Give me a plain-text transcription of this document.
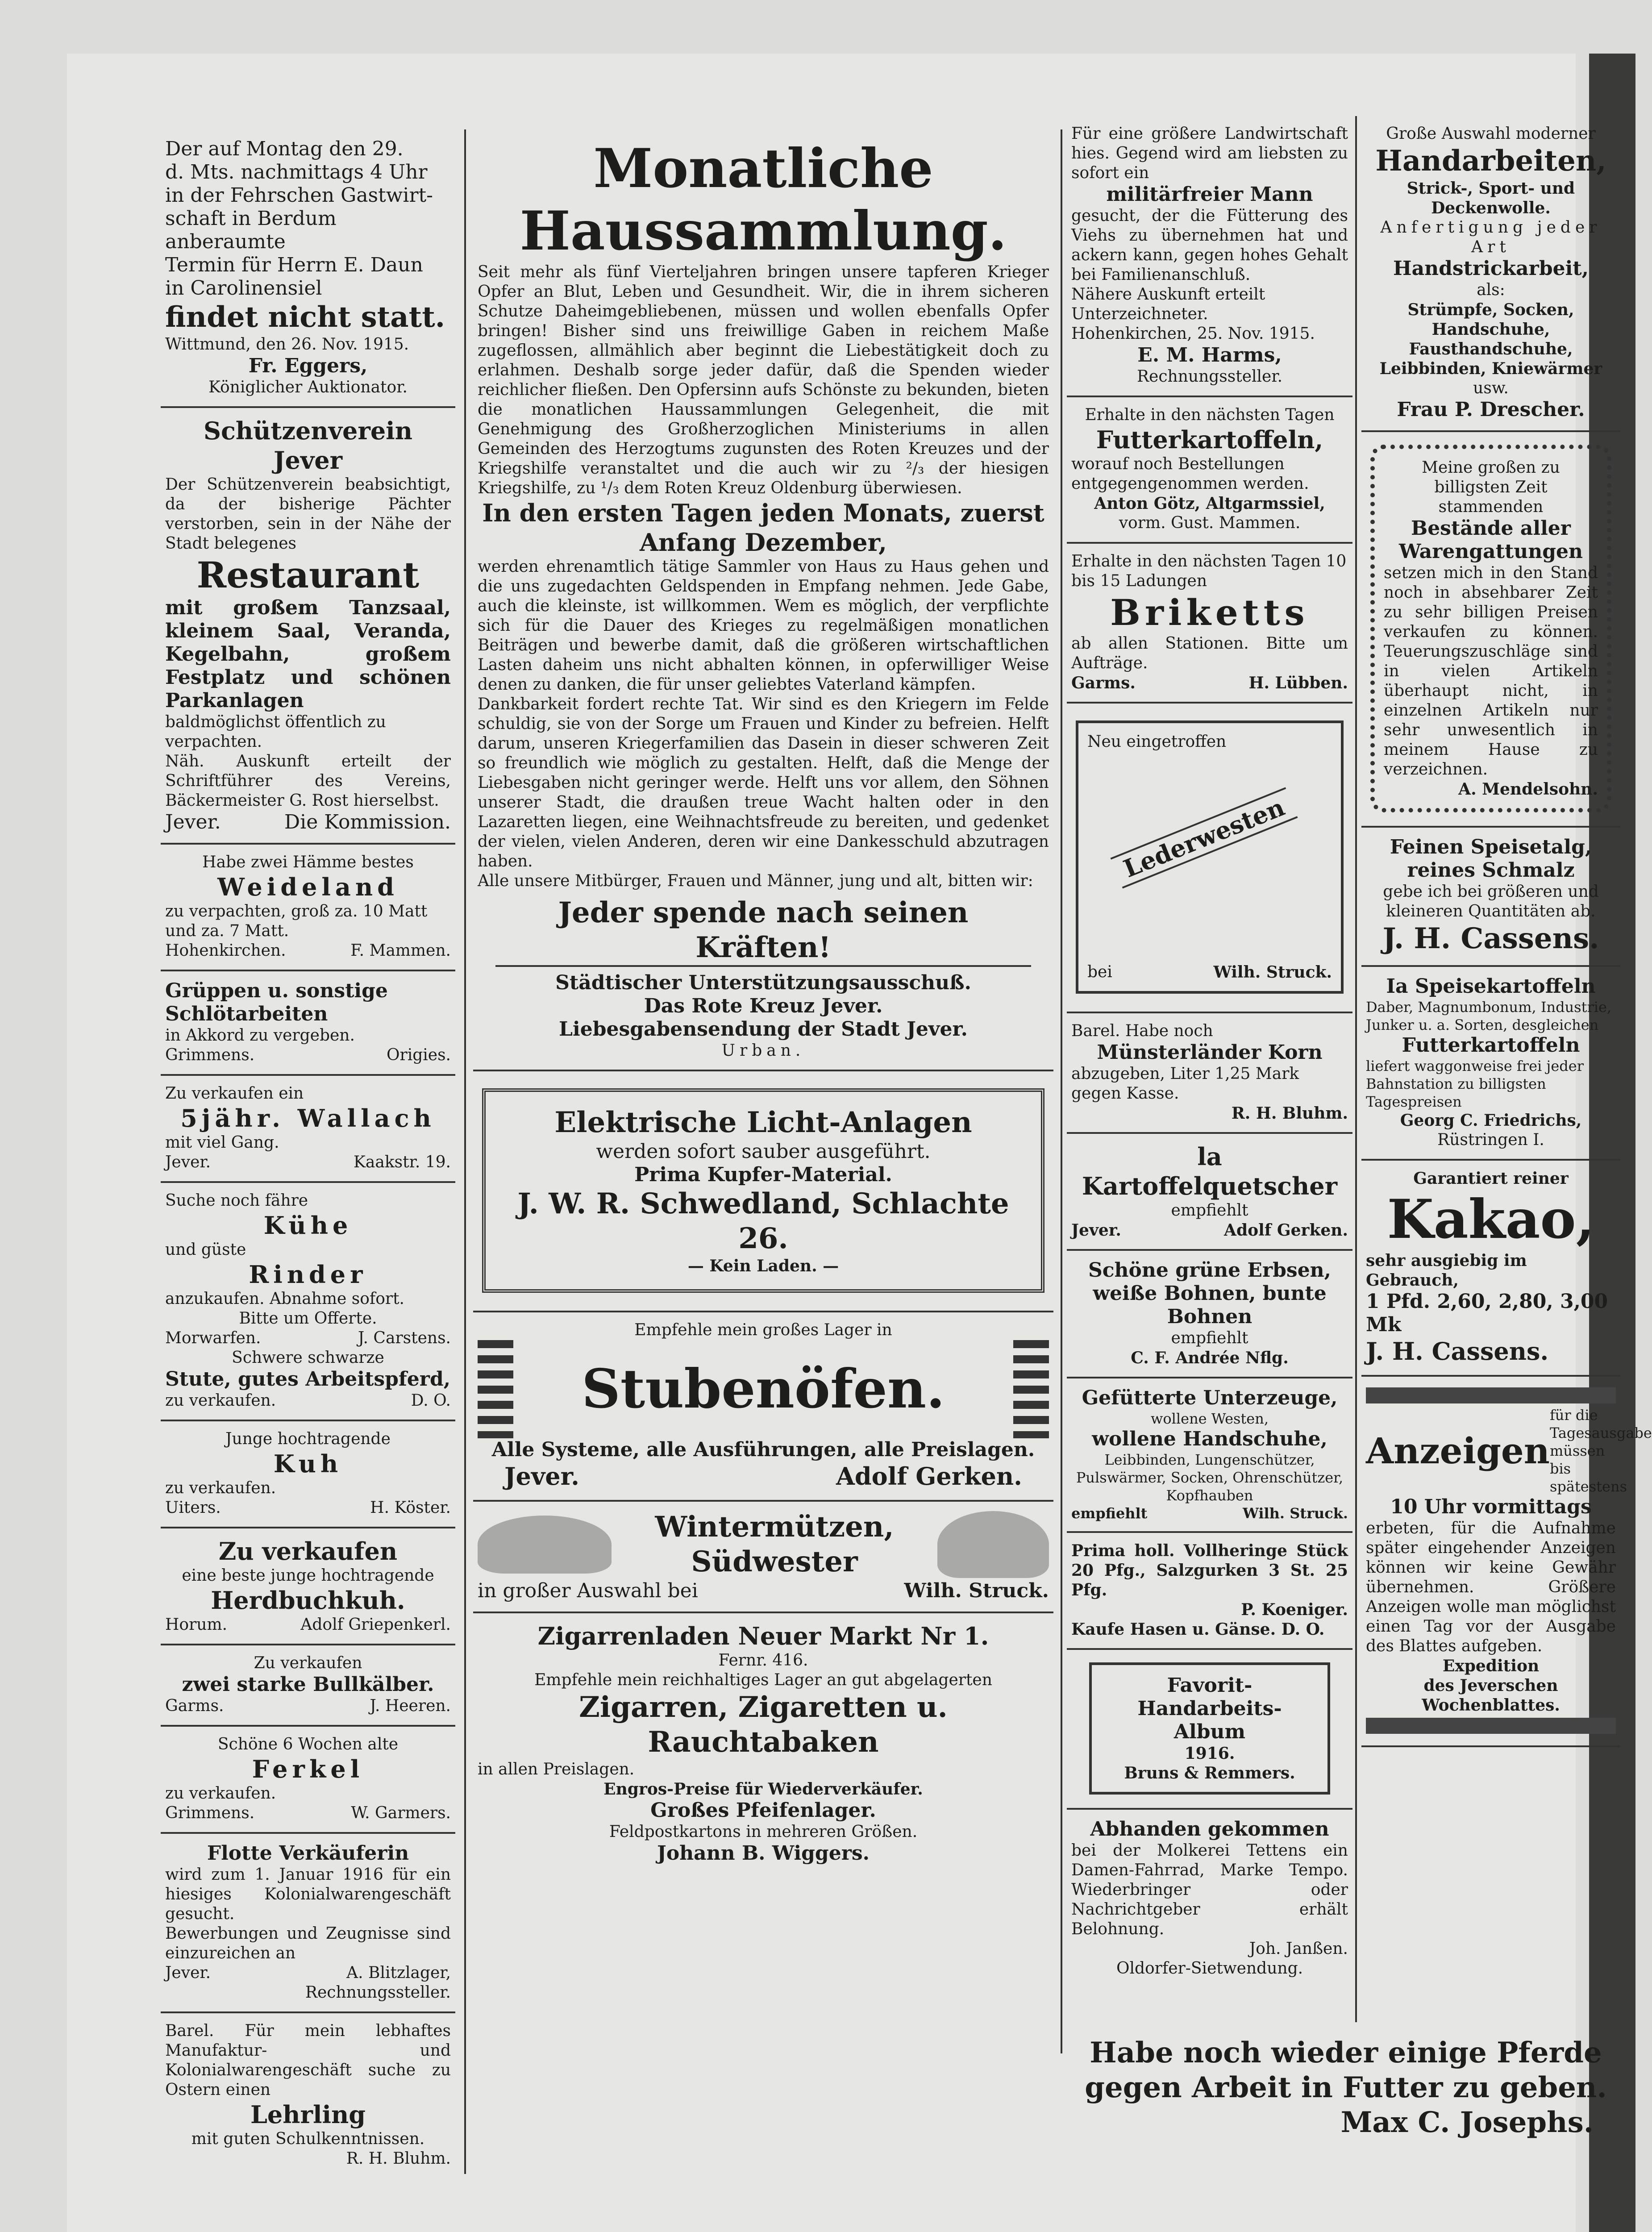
Der auf Montag den 29.
d. Mts. nachmittags 4 Uhr
in der Fehrschen Gastwirt-
schaft in Berdum anberaumte
Termin für Herrn E. Daun
in Carolinensiel
findet nicht statt.
Wittmund, den 26. Nov. 1915.
Fr. Eggers,
Königlicher Auktionator.
Schützenverein Jever
Der Schützenverein beabsichtigt, da der bisherige Pächter verstorben, sein in der Nähe der Stadt belegenes
Restaurant
mit großem Tanzsaal, kleinem Saal, Veranda, Kegelbahn, großem Festplatz und schönen Parkanlagen
baldmöglichst öffentlich zu verpachten.
Näh. Auskunft erteilt der Schriftführer des Vereins, Bäckermeister G. Rost hierselbst.
Jever.	Die Kommission.
Habe zwei Hämme bestes
Weideland
zu verpachten, groß za. 10 Matt und za. 7 Matt.
Hohenkirchen.	F. Mammen.
Grüppen u. sonstige Schlötarbeiten
in Akkord zu vergeben.
Grimmens.	Origies.
Zu verkaufen ein
5jähr. Wallach
mit viel Gang.
Jever.	Kaakstr. 19.
Suche noch fähre
Kühe
und güste
Rinder
anzukaufen. Abnahme sofort.
Bitte um Offerte.
Morwarfen.	J. Carstens.
Schwere schwarze
Stute, gutes Arbeitspferd,
zu verkaufen.	D. O.
Junge hochtragende
Kuh
zu verkaufen.
Uiters.	H. Köster.
Zu verkaufen
eine beste junge hochtragende
Herdbuchkuh.
Horum.	Adolf Griepenkerl.
Zu verkaufen
zwei starke Bullkälber.
Garms.	J. Heeren.
Schöne 6 Wochen alte
Ferkel
zu verkaufen.
Grimmens.	W. Garmers.
Flotte Verkäuferin
wird zum 1. Januar 1916 für ein hiesiges Kolonialwarengeschäft gesucht.
Bewerbungen und Zeugnisse sind einzureichen an
Jever.	A. Blitzlager,
Rechnungssteller.
Barel. Für mein lebhaftes Manufaktur- und Kolonialwarengeschäft suche zu Ostern einen
Lehrling
mit guten Schulkenntnissen.
R. H. Bluhm.
Monatliche Haussammlung.
Seit mehr als fünf Vierteljahren bringen unsere tapferen Krieger Opfer an Blut, Leben und Gesundheit. Wir, die in ihrem sicheren Schutze Daheimgebliebenen, müssen und wollen ebenfalls Opfer bringen! Bisher sind uns freiwillige Gaben in reichem Maße zugeflossen, allmählich aber beginnt die Liebestätigkeit doch zu erlahmen. Deshalb sorge jeder dafür, daß die Spenden wieder reichlicher fließen. Den Opfersinn aufs Schönste zu bekunden, bieten die monatlichen Haussammlungen Gelegenheit, die mit Genehmigung des Großherzoglichen Ministeriums in allen Gemeinden des Herzogtums zugunsten des Roten Kreuzes und der Kriegshilfe veranstaltet und die auch wir zu ²/₃ der hiesigen Kriegshilfe, zu ¹/₃ dem Roten Kreuz Oldenburg überwiesen.
In den ersten Tagen jeden Monats, zuerst Anfang Dezember,
werden ehrenamtlich tätige Sammler von Haus zu Haus gehen und die uns zugedachten Geldspenden in Empfang nehmen. Jede Gabe, auch die kleinste, ist willkommen. Wem es möglich, der verpflichte sich für die Dauer des Krieges zu regelmäßigen monatlichen Beiträgen und bewerbe damit, daß die größeren wirtschaftlichen Lasten daheim uns nicht abhalten können, in opferwilliger Weise denen zu danken, die für unser geliebtes Vaterland kämpfen.
Dankbarkeit fordert rechte Tat. Wir sind es den Kriegern im Felde schuldig, sie von der Sorge um Frauen und Kinder zu befreien. Helft darum, unseren Kriegerfamilien das Dasein in dieser schweren Zeit so freundlich wie möglich zu gestalten. Helft, daß die Menge der Liebesgaben nicht geringer werde. Helft uns vor allem, den Söhnen unserer Stadt, die draußen treue Wacht halten oder in den Lazaretten liegen, eine Weihnachtsfreude zu bereiten, und gedenket der vielen, vielen Anderen, deren wir eine Dankesschuld abzutragen haben.
Alle unsere Mitbürger, Frauen und Männer, jung und alt, bitten wir:
Jeder spende nach seinen Kräften!
Städtischer Unterstützungsausschuß.
Das Rote Kreuz Jever.
Liebesgabensendung der Stadt Jever.
Urban.
Elektrische Licht-Anlagen
werden sofort sauber ausgeführt.
Prima Kupfer-Material.
J. W. R. Schwedland, Schlachte 26.
— Kein Laden. —
Empfehle mein großes Lager in
Stubenöfen.
Alle Systeme, alle Ausführungen, alle Preislagen.
Jever.	Adolf Gerken.
Wintermützen,
Südwester
in großer Auswahl bei	Wilh. Struck.
Zigarrenladen Neuer Markt Nr 1.
Fernr. 416.
Empfehle mein reichhaltiges Lager an gut abgelagerten
Zigarren, Zigaretten u. Rauchtabaken
in allen Preislagen.
Engros-Preise für Wiederverkäufer.
Großes Pfeifenlager.
Feldpostkartons in mehreren Größen.
Johann B. Wiggers.
Für eine größere Landwirtschaft hies. Gegend wird am liebsten zu sofort ein
militärfreier Mann
gesucht, der die Fütterung des Viehs zu übernehmen hat und ackern kann, gegen hohes Gehalt bei Familienanschluß.
Nähere Auskunft erteilt Unterzeichneter.
Hohenkirchen, 25. Nov. 1915.
E. M. Harms,
Rechnungssteller.
Erhalte in den nächsten Tagen
Futterkartoffeln,
worauf noch Bestellungen entgegengenommen werden.
Anton Götz, Altgarmssiel,
vorm. Gust. Mammen.
Erhalte in den nächsten Tagen 10 bis 15 Ladungen
Briketts
ab allen Stationen. Bitte um Aufträge.
Garms.	H. Lübben.
Neu eingetroffen
Lederwesten
bei	Wilh. Struck.
Barel. Habe noch
Münsterländer Korn
abzugeben, Liter 1,25 Mark gegen Kasse.
R. H. Bluhm.
la Kartoffelquetscher
empfiehlt
Jever.	Adolf Gerken.
Schöne grüne Erbsen, weiße Bohnen, bunte Bohnen
empfiehlt
C. F. Andrée Nflg.
Gefütterte Unterzeuge,
wollene Westen,
wollene Handschuhe,
Leibbinden, Lungenschützer, Pulswärmer, Socken, Ohrenschützer, Kopfhauben
empfiehlt	Wilh. Struck.
Prima holl. Vollheringe Stück 20 Pfg., Salzgurken 3 St. 25 Pfg.
P. Koeniger.
Kaufe Hasen u. Gänse. D. O.
Favorit-
Handarbeits-
Album
1916.
Bruns & Remmers.
Abhanden gekommen
bei der Molkerei Tettens ein Damen-Fahrrad, Marke Tempo. Wiederbringer oder Nachrichtgeber erhält Belohnung.
Joh. Janßen.
Oldorfer-Sietwendung.
Große Auswahl moderner
Handarbeiten,
Strick-, Sport- und Deckenwolle.
Anfertigung jeder Art
Handstrickarbeit,
als:
Strümpfe, Socken, Handschuhe, Fausthandschuhe, Leibbinden, Kniewärmer
usw.
Frau P. Drescher.
Meine großen zu billigsten Zeit stammenden
Bestände aller Warengattungen
setzen mich in den Stand noch in absehbarer Zeit zu sehr billigen Preisen verkaufen zu können. Teuerungszuschläge sind in vielen Artikeln überhaupt nicht, in einzelnen Artikeln nur sehr unwesentlich in meinem Hause zu verzeichnen.
A. Mendelsohn.
Feinen Speisetalg, reines Schmalz
gebe ich bei größeren und kleineren Quantitäten ab.
J. H. Cassens.
Ia Speisekartoffeln
Daber, Magnumbonum, Industrie, Junker u. a. Sorten, desgleichen
Futterkartoffeln
liefert waggonweise frei jeder Bahnstation zu billigsten Tagespreisen
Georg C. Friedrichs,
Rüstringen I.
Garantiert reiner
Kakao,
sehr ausgiebig im Gebrauch,
1 Pfd. 2,60, 2,80, 3,00 Mk
J. H. Cassens.
Anzeigen
für die Tagesausgabe müssen bis spätestens
10 Uhr vormittags
erbeten, für die Aufnahme später eingehender Anzeigen können wir keine Gewähr übernehmen. Größere Anzeigen wolle man möglichst einen Tag vor der Ausgabe des Blattes aufgeben.
Expedition
des Jeverschen Wochenblattes.
Habe noch wieder einige Pferde
gegen Arbeit in Futter zu geben.
Max C. Josephs.
